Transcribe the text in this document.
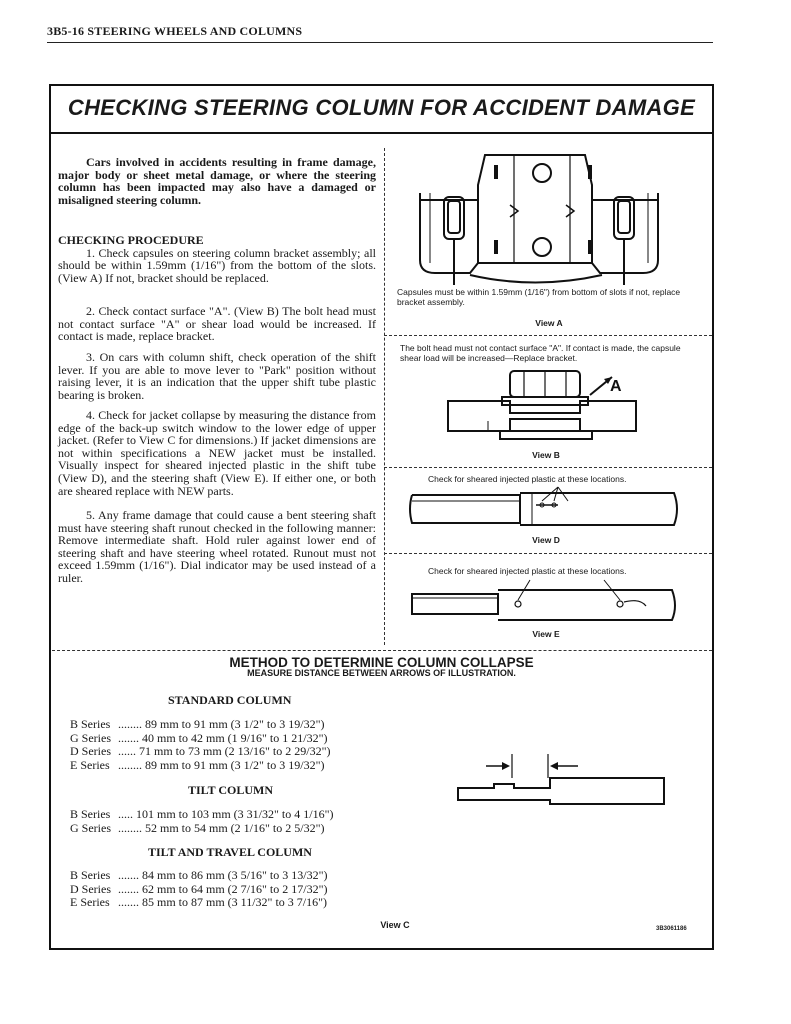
3B5-16 STEERING WHEELS AND COLUMNS
CHECKING STEERING COLUMN FOR ACCIDENT DAMAGE

Cars involved in accidents resulting in frame damage, major body or sheet metal damage, or where the steering column has been impacted may also have a damaged or misaligned steering column.

CHECKING PROCEDURE

1. Check capsules on steering column bracket assembly; all should be within 1.59mm (1/16") from the bottom of the slots. (View A) If not, bracket should be replaced.

2. Check contact surface "A". (View B) The bolt head must not contact surface "A" or shear load would be increased. If contact is made, replace bracket.

3. On cars with column shift, check operation of the shift lever. If you are able to move lever to "Park" position without raising lever, it is an indication that the upper shift tube plastic bearing is broken.

4. Check for jacket collapse by measuring the distance from edge of the back-up switch window to the lower edge of upper jacket. (Refer to View C for dimensions.) If jacket dimensions are not within specifications a NEW jacket must be installed. Visually inspect for sheared injected plastic in the shift tube (View D), and the steering shaft (View E). If either one, or both are sheared replace with NEW parts.

5. Any frame damage that could cause a bent steering shaft must have steering shaft runout checked in the following manner: Remove intermediate shaft. Hold ruler against lower end of steering shaft and have steering wheel rotated. Runout must not exceed 1.59mm (1/16"). Dial indicator may be used instead of a ruler.

Capsules must be within 1.59mm (1/16") from bottom of slots if not, replace bracket assembly.
View A
The bolt head must not contact surface "A". If contact is made, the capsule shear load will be increased—Replace bracket.
A
View B
Check for sheared injected plastic at these locations.
View D
Check for sheared injected plastic at these locations.
View E
METHOD TO DETERMINE COLUMN COLLAPSE
MEASURE DISTANCE BETWEEN ARROWS OF ILLUSTRATION.
STANDARD COLUMN
B Series ........ 89 mm to 91 mm (3 1/2" to 3 19/32")
G Series ....... 40 mm to 42 mm (1 9/16" to 1 21/32")
D Series ...... 71 mm to 73 mm (2 13/16" to 2 29/32")
E Series ........ 89 mm to 91 mm (3 1/2" to 3 19/32")
TILT COLUMN
B Series ..... 101 mm to 103 mm (3 31/32" to 4 1/16")
G Series ........ 52 mm to 54 mm (2 1/16" to 2 5/32")
TILT AND TRAVEL COLUMN
B Series ....... 84 mm to 86 mm (3 5/16" to 3 13/32")
D Series ....... 62 mm to 64 mm (2 7/16" to 2 17/32")
E Series ....... 85 mm to 87 mm (3 11/32" to 3 7/16")
View C	3B3061186
